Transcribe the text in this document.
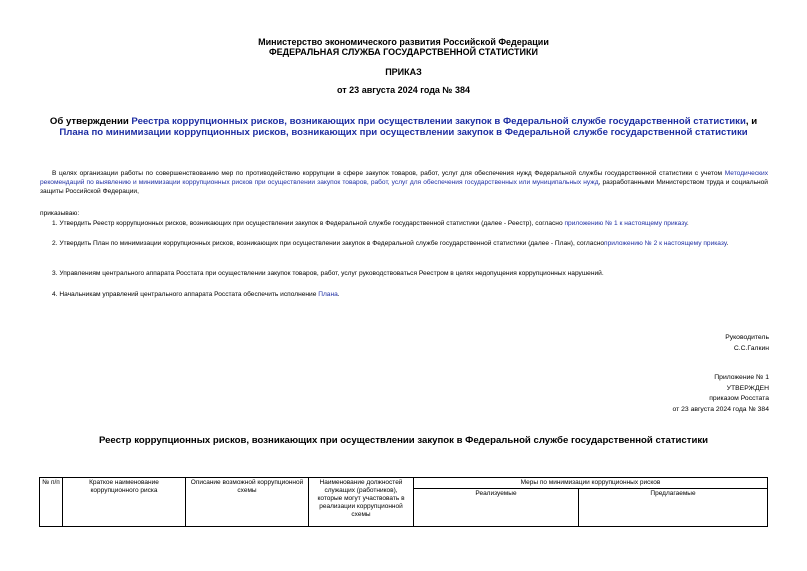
Министерство экономического развития Российской Федерации
ФЕДЕРАЛЬНАЯ СЛУЖБА ГОСУДАРСТВЕННОЙ СТАТИСТИКИ
ПРИКАЗ
от 23 августа 2024 года № 384
Об утверждении Реестра коррупционных рисков, возникающих при осуществлении закупок в Федеральной службе государственной статистики, и Плана по минимизации коррупционных рисков, возникающих при осуществлении закупок в Федеральной службе государственной статистики
В целях организации работы по совершенствованию мер по противодействию коррупции в сфере закупок товаров, работ, услуг для обеспечения нужд Федеральной службы государственной статистики с учетом Методических рекомендаций по выявлению и минимизации коррупционных рисков при осуществлении закупок товаров, работ, услуг для обеспечения государственных или муниципальных нужд, разработанными Министерством труда и социальной защиты Российской Федерации,
приказываю:
1. Утвердить Реестр коррупционных рисков, возникающих при осуществлении закупок в Федеральной службе государственной статистики (далее - Реестр), согласно приложению № 1 к настоящему приказу.
2. Утвердить План по минимизации коррупционных рисков, возникающих при осуществлении закупок в Федеральной службе государственной статистики (далее - План), согласноприложению № 2 к настоящему приказу.
3. Управлениям центрального аппарата Росстата при осуществлении закупок товаров, работ, услуг руководствоваться Реестром в целях недопущения коррупционных нарушений.
4. Начальникам управлений центрального аппарата Росстата обеспечить исполнение Плана.
Руководитель
С.С.Галкин
Приложение № 1
УТВЕРЖДЕН
приказом Росстата
от 23 августа 2024 года № 384
Реестр коррупционных рисков, возникающих при осуществлении закупок в Федеральной службе государственной статистики
№ п/п	Краткое наименование коррупционного риска	Описание возможной коррупционной схемы	Наименование должностей служащих (работников), которые могут участвовать в реализации коррупционной схемы	Меры по минимизации коррупционных рисков	
				Реализуемые	Предлагаемые
